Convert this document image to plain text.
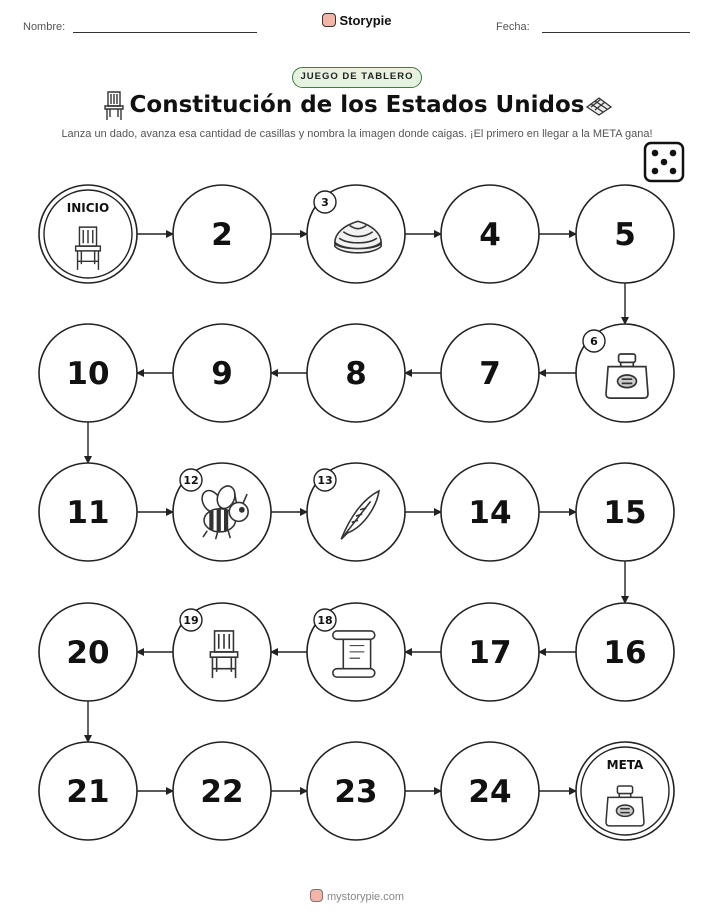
Nombre:	Storypie	Fecha:
JUEGO DE TABLERO
Constitución de los Estados Unidos
Lanza un dado, avanza esa cantidad de casillas y nombra la imagen donde caigas. ¡El primero en llegar a la META gana!
INICIO
2
3
4	5
6
7
8
9
10
11
12	13
14	15
16
17
18
19
20
21	22	23	24
META
mystorypie.com
